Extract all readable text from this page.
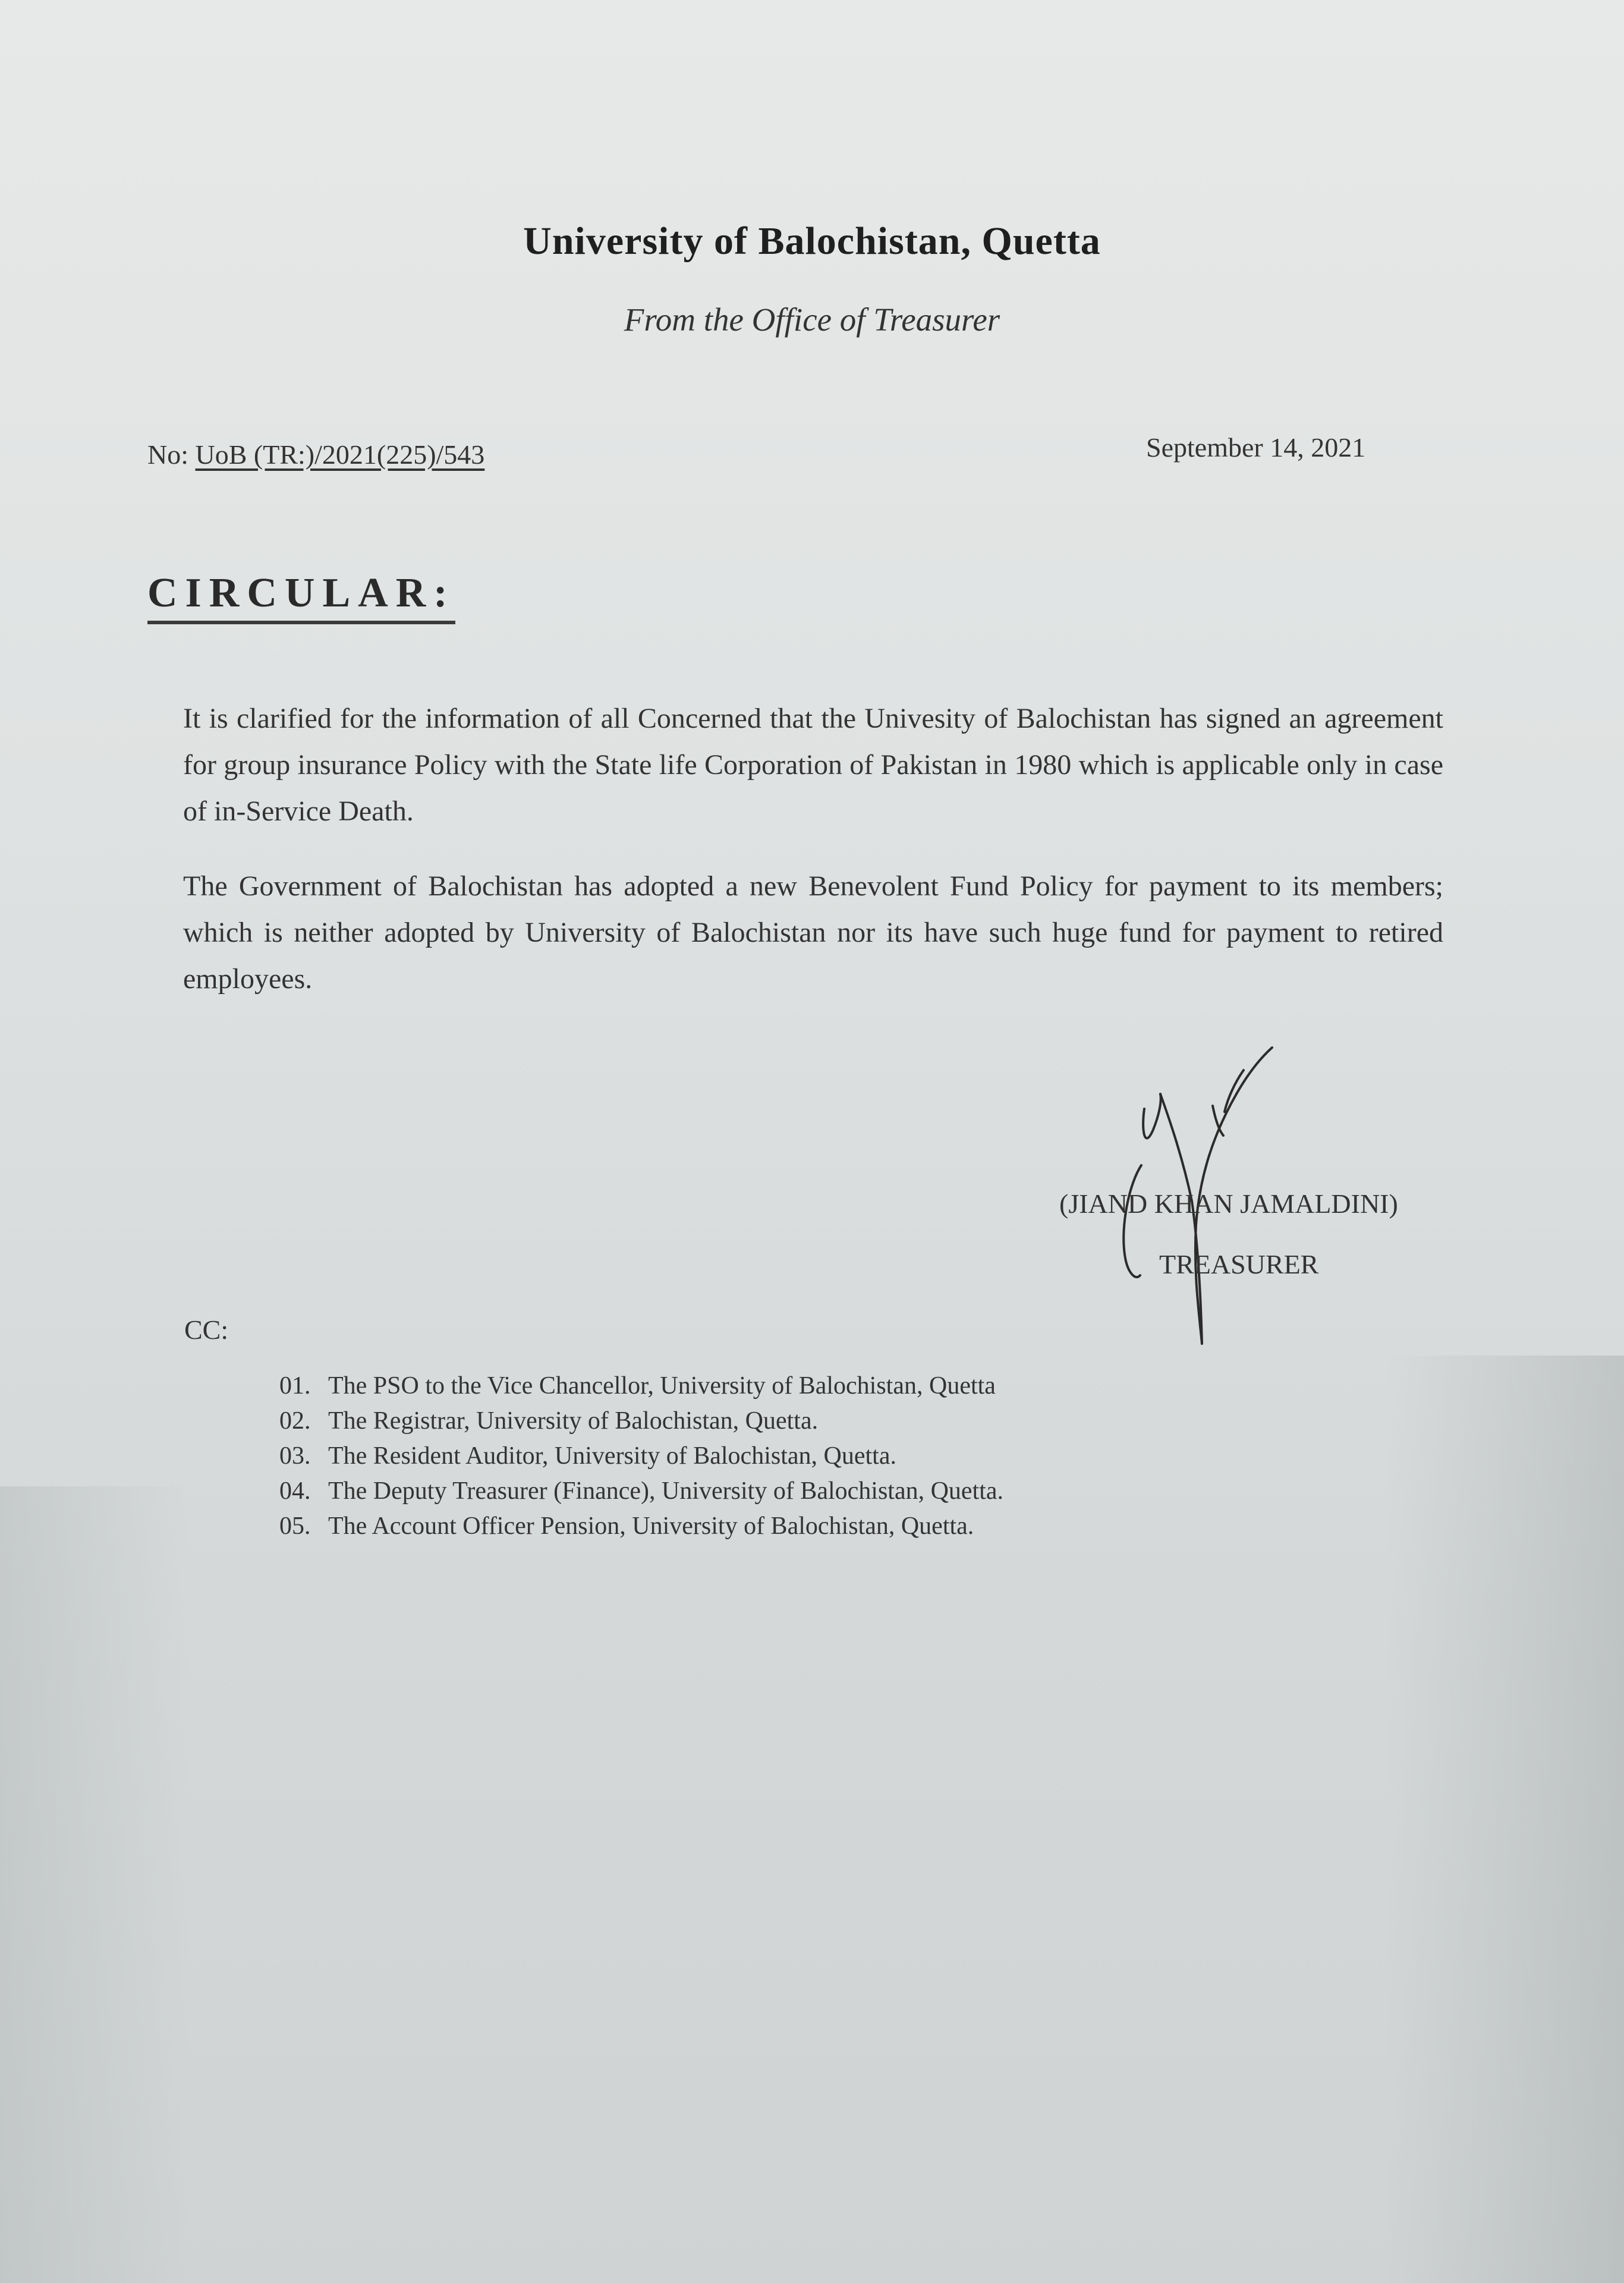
University of Balochistan, Quetta
From the Office of Treasurer
No: UoB (TR:)/2021(225)/543	September 14, 2021
CIRCULAR:

It is clarified for the information of all Concerned that the Univesity of Balochistan has signed an agreement for group insurance Policy with the State life Corporation of Pakistan in 1980 which is applicable only in case of in-Service Death.

The Government of Balochistan has adopted a new Benevolent Fund Policy for payment to its members; which is neither adopted by University of Balochistan nor its have such huge fund for payment to retired employees.

(JIAND KHAN JAMALDINI)
TREASURER
CC:
01. The PSO to the Vice Chancellor, University of Balochistan, Quetta
02. The Registrar, University of Balochistan, Quetta.
03. The Resident Auditor, University of Balochistan, Quetta.
04. The Deputy Treasurer (Finance), University of Balochistan, Quetta.
05. The Account Officer Pension, University of Balochistan, Quetta.
